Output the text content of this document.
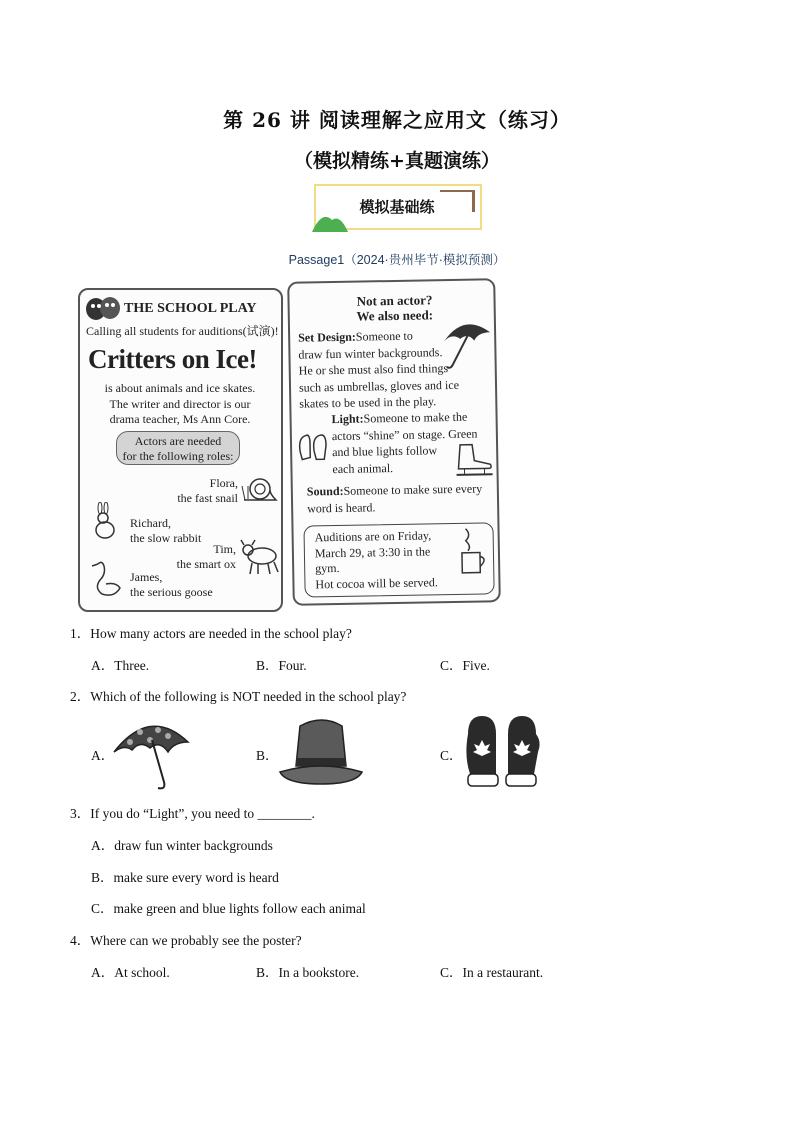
第 26 讲 阅读理解之应用文（练习）
（模拟精练+真题演练）
模拟基础练
Passage1（2024·贵州毕节·模拟预测）
THE SCHOOL PLAY
Calling all students for auditions(试演)!
Critters on Ice!
is about animals and ice skates.
The writer and director is our
drama teacher, Ms Ann Core.
Actors are needed
for the following roles:
Flora,
the fast snail
Richard,
the slow rabbit
Tim,
the smart ox
James,
the serious goose
Not an actor?
We also need:
Set Design:Someone to
draw fun winter backgrounds.
He or she must also find things
such as umbrellas, gloves and ice
skates to be used in the play.
Light:Someone to make the
actors “shine” on stage. Green
and blue lights follow
each animal.
Sound:Someone to make sure every
word is heard.
Auditions are on Friday,
March 29, at 3:30 in the
gym.
Hot cocoa will be served.
1．How many actors are needed in the school play?
A．Three.	B．Four.	C．Five.
2．Which of the following is NOT needed in the school play?
A．	B．	C．
3．If you do “Light”, you need to ________.
A．draw fun winter backgrounds
B．make sure every word is heard
C．make green and blue lights follow each animal
4．Where can we probably see the poster?
A．At school.	B．In a bookstore.	C．In a restaurant.
